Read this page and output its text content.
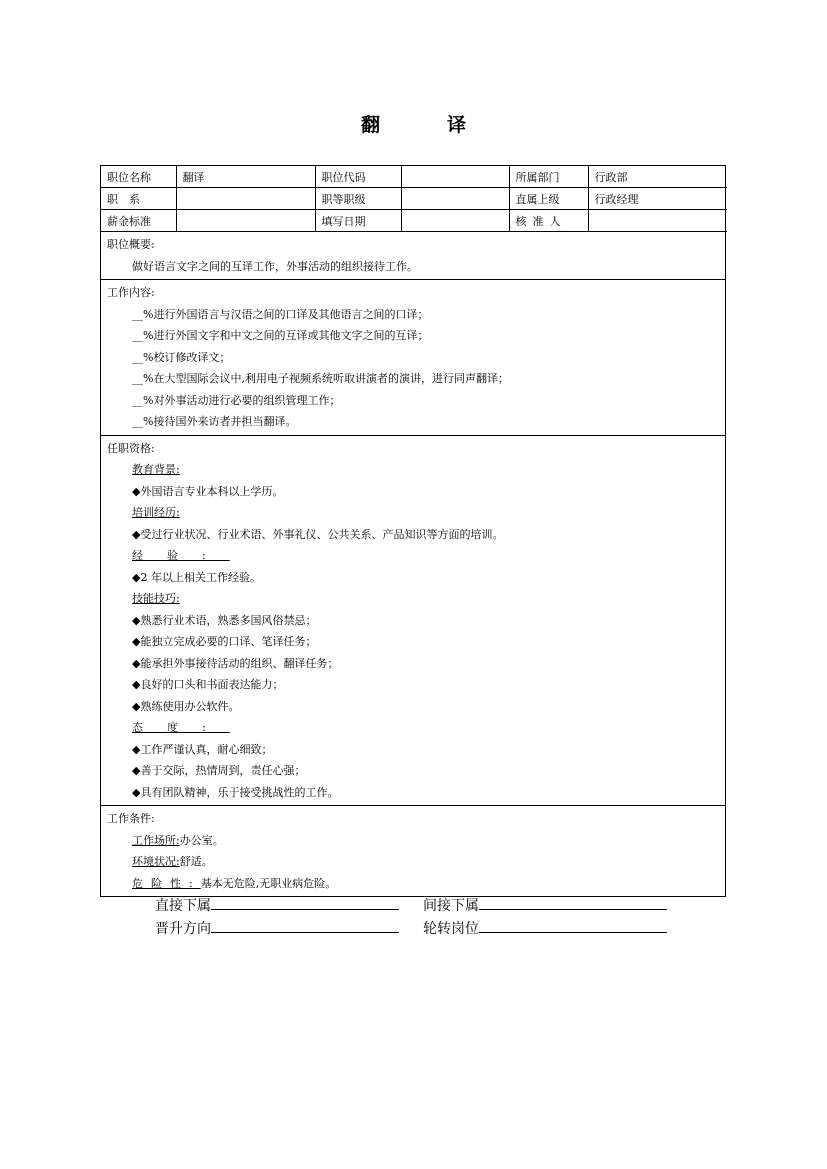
翻　译
职位名称	翻译	职位代码		所属部门	行政部
职　系		职等职级		直属上级	行政经理
薪金标准		填写日期		核准人	
职位概要:
做好语言文字之间的互译工作，外事活动的组织接待工作。
工作内容:
__%进行外国语言与汉语之间的口译及其他语言之间的口译；
__%进行外国文字和中文之间的互译或其他文字之间的互译；
__%校订修改译文；
__%在大型国际会议中,利用电子视频系统听取讲演者的演讲，进行同声翻译；
__%对外事活动进行必要的组织管理工作；
__%接待国外来访者并担当翻译。
任职资格:
教育背景:
◆外国语言专业本科以上学历。
培训经历:
◆受过行业状况、行业术语、外事礼仪、公共关系、产品知识等方面的培训。
经验:
◆2 年以上相关工作经验。
技能技巧:
◆熟悉行业术语，熟悉多国风俗禁忌；
◆能独立完成必要的口译、笔译任务；
◆能承担外事接待活动的组织、翻译任务；
◆良好的口头和书面表达能力；
◆熟练使用办公软件。
态度:
◆工作严谨认真，耐心细致；
◆善于交际，热情周到，责任心强；
◆具有团队精神，乐于接受挑战性的工作。
工作条件:
工作场所:办公室。
环境状况:舒适。
危险性:基本无危险,无职业病危险。
直接下属	间接下属
晋升方向	轮转岗位
